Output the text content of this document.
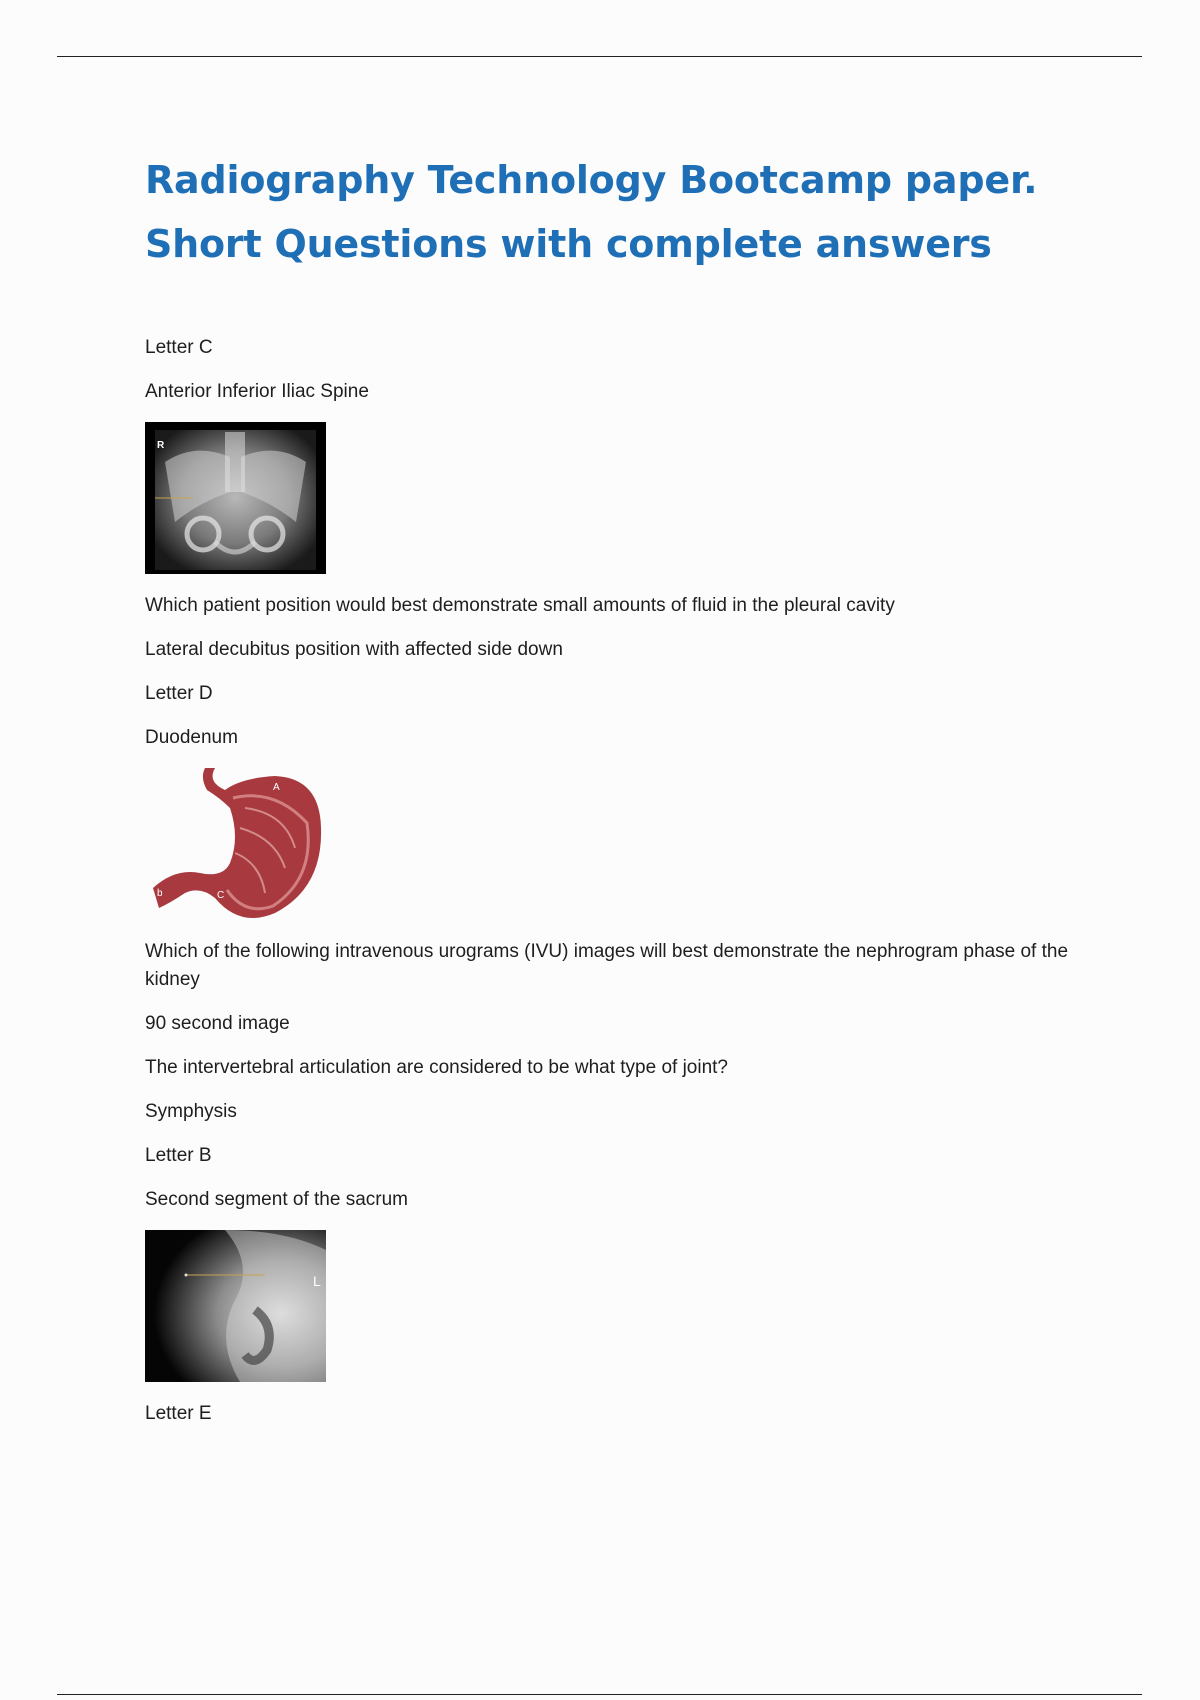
Radiography Technology Bootcamp paper.
Short Questions with complete answers

Letter C

Anterior Inferior Iliac Spine

R

Which patient position would best demonstrate small amounts of fluid in the pleural cavity

Lateral decubitus position with affected side down

Letter D

Duodenum

A
b	C

Which of the following intravenous urograms (IVU) images will best demonstrate the nephrogram phase of the kidney

90 second image

The intervertebral articulation are considered to be what type of joint?

Symphysis

Letter B

Second segment of the sacrum

L

Letter E
